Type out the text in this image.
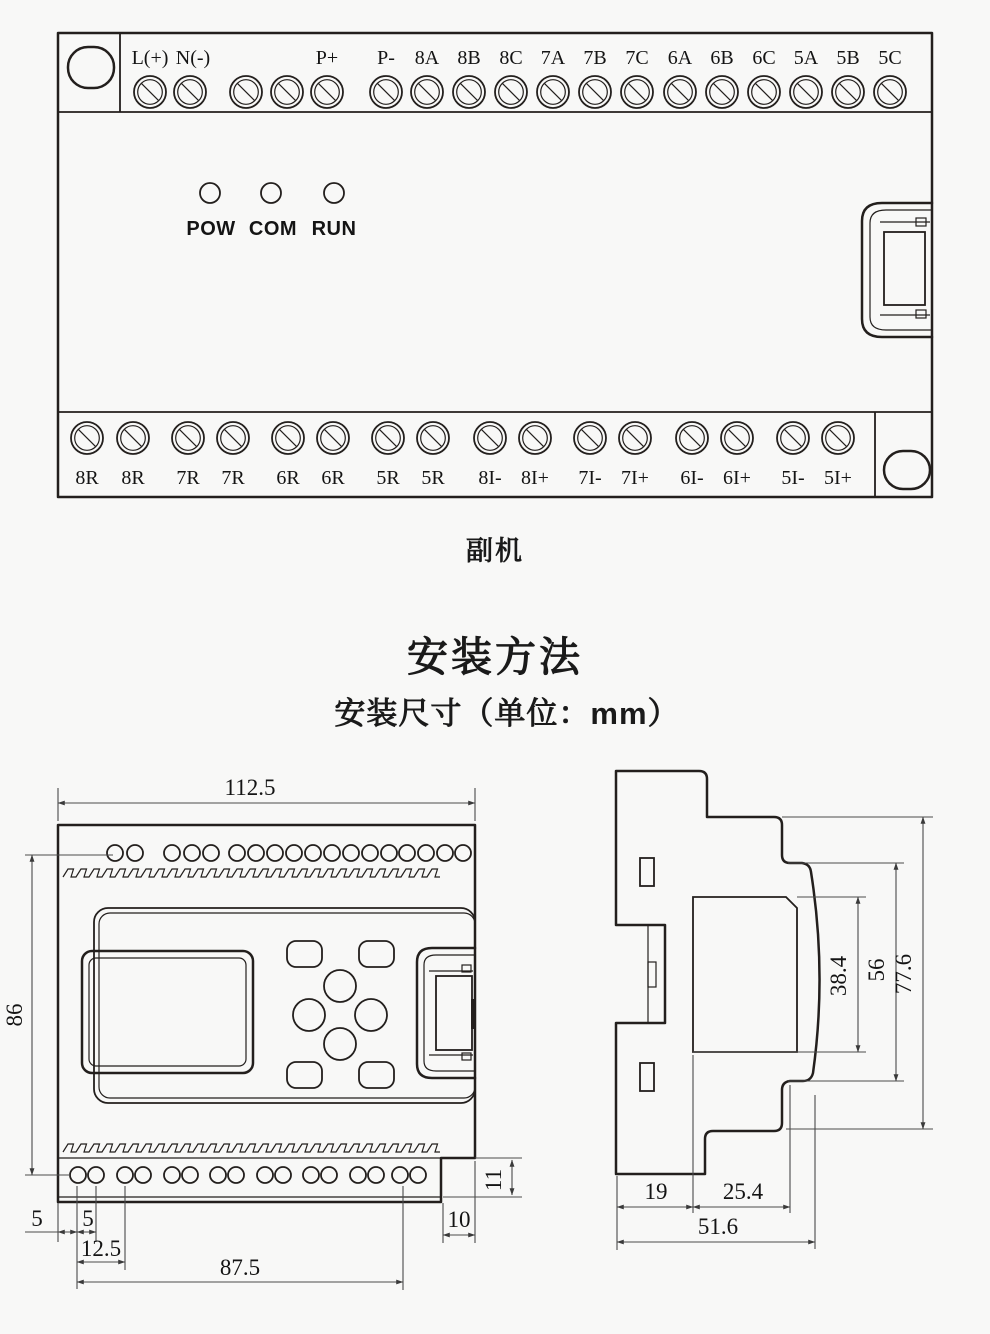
L(+) N(-)	P+ P- 8A 8B 8C 7A 7B 7C 6A 6B 6C 5A 5B 5C
POW COM RUN
8R 8R 7R 7R 6R 6R 5R 5R 8I- 8I+ 7I- 7I+ 6I- 6I+ 5I- 5I+
112.5
86
5 5
12.5
87.5
11
10
38.4 56 77.6
19 25.4
51.6
副机
安装方法
安装尺寸（单位：mm）
